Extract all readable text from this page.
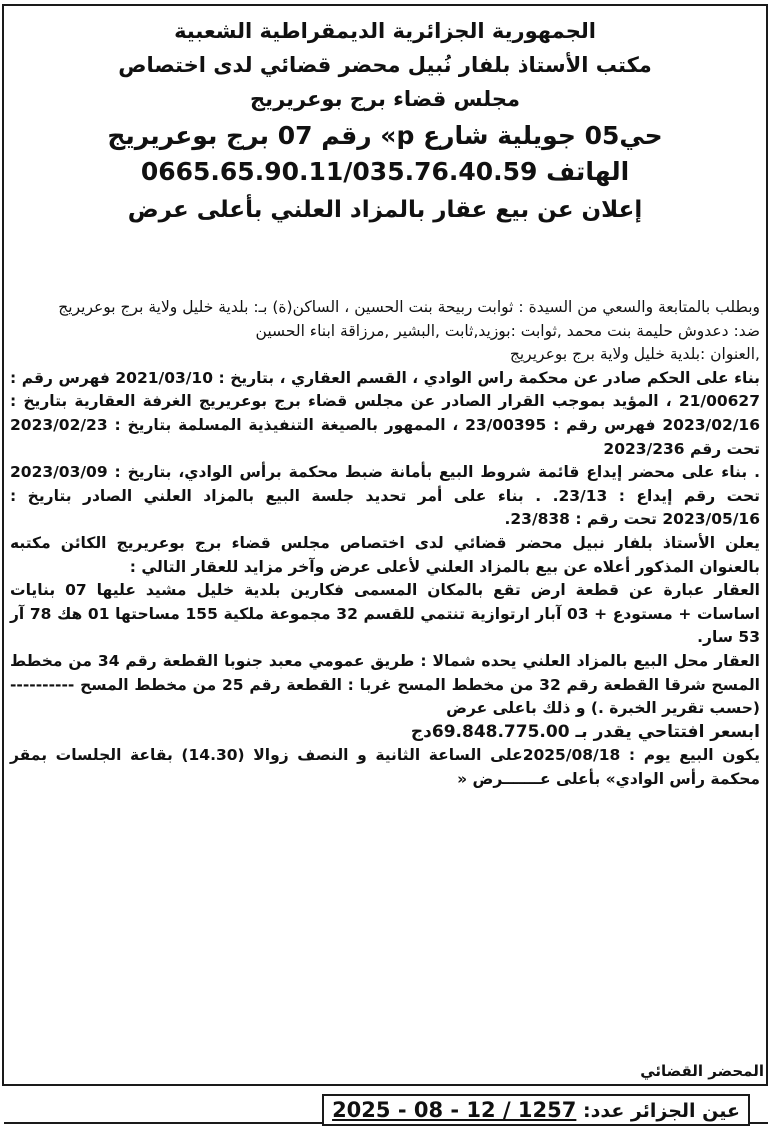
الجمهورية الجزائرية الديمقراطية الشعبية
مكتب الأستاذ بلفار نُبيل محضر قضائي لدى اختصاص
مجلس قضاء برج بوعريريج
حي05 جويلية شارع p» رقم 07 برج بوعريريج
الهاتف 0665.65.90.11/035.76.40.59
إعلان عن بيع عقار بالمزاد العلني بأعلى عرض

وبطلب بالمتابعة والسعي من السيدة : ثوابت ربيحة بنت الحسين ، الساكن(ة) بـ: بلدية خليل ولاية برج بوعريريج

ضد: دعدوش حليمة بنت محمد ,ثوابت :بوزيد,ثابت ,البشير ,مرزاقة ابناء الحسين

,العنوان :بلدية خليل ولاية برج بوعريريج

بناء على الحكم صادر عن محكمة راس الوادي ، القسم العقاري ، بتاريخ : 2021/03/10 فهرس رقم : 21/00627 ، المؤيد بموجب القرار الصادر عن مجلس قضاء برج بوعريريج الغرفة العقارية بتاريخ : 2023/02/16 فهرس رقم : 23/00395 ، الممهور بالصيغة التنفيذية المسلمة بتاريخ : 2023/02/23 تحت رقم 2023/236

. بناء على محضر إيداع قائمة شروط البيع بأمانة ضبط محكمة برأس الوادي، بتاريخ : 2023/03/09 تحت رقم إيداع : 23/13. . بناء على أمر تحديد جلسة البيع بالمزاد العلني الصادر بتاريخ : 2023/05/16 تحت رقم : 23/838.

يعلن الأستاذ بلفار نبيل محضر قضائي لدى اختصاص مجلس قضاء برج بوعريريج الكائن مكتبه بالعنوان المذكور أعلاه عن بيع بالمزاد العلني لأعلى عرض وآخر مزايد للعقار التالي :

العقار عبارة عن قطعة ارض تقع بالمكان المسمى فكارين بلدية خليل مشيد عليها 07 بنايات اساسات + مستودع + 03 آبار ارتوازية تنتمي للقسم 32 مجموعة ملكية 155 مساحتها 01 هك 78 آر 53 سار.

العقار محل البيع بالمزاد العلني يحده شمالا : طريق عمومي معبد جنوبا القطعة رقم 34 من مخطط المسح شرقا القطعة رقم 32 من مخطط المسح غربا : القطعة رقم 25 من مخطط المسح ---------- (حسب تقرير الخبرة .) و ذلك باعلى عرض

ابسعر افتتاحي يقدر بـ 69.848.775.00دج

يكون البيع يوم : 2025/08/18على الساعة الثانية و النصف زوالا (14.30) بقاعة الجلسات بمقر محكمة رأس الوادي» بأعلى عـــــــرض «

المحضر القضائي
عين الجزائر عدد: 2025 - 08 - 12 / 1257
